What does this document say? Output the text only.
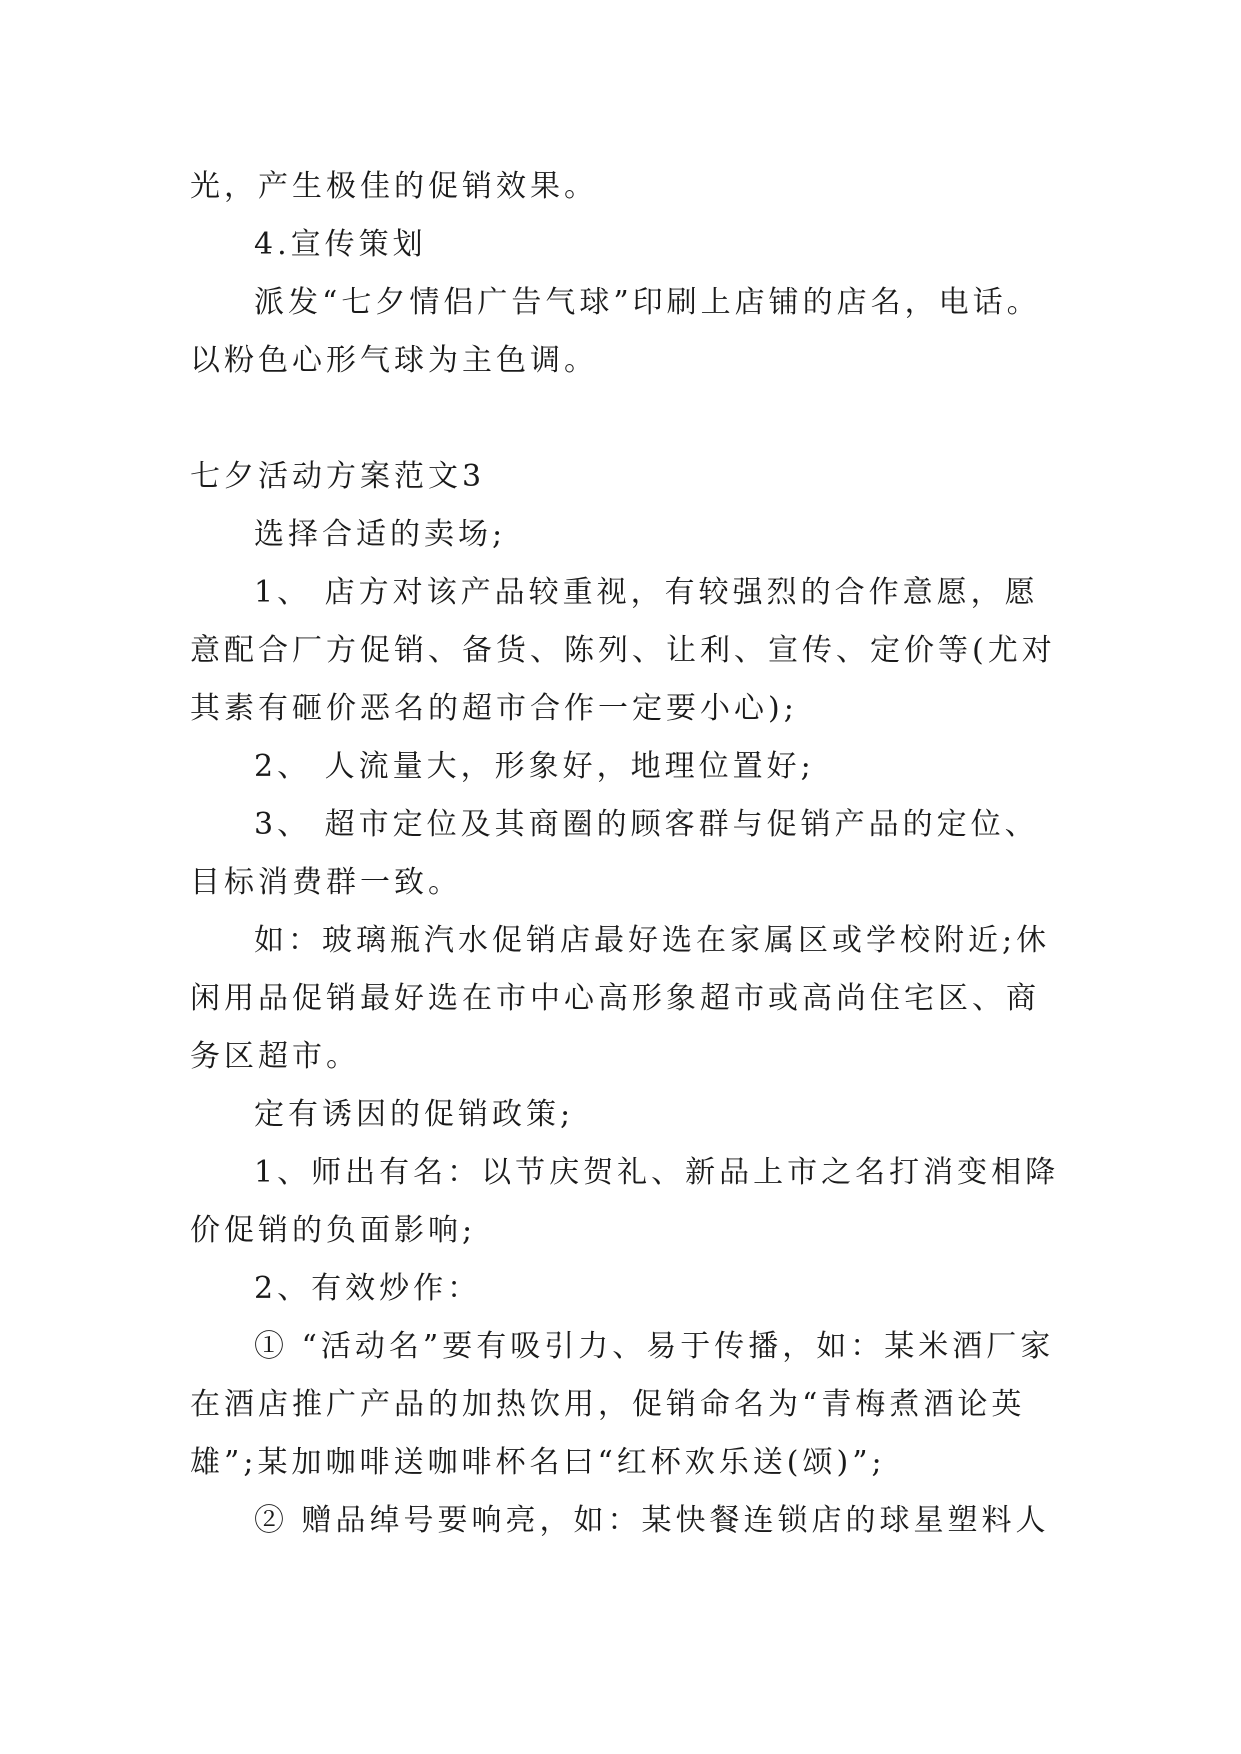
光，产生极佳的促销效果。

4.宣传策划

派发“七夕情侣广告气球”印刷上店铺的店名，电话。以粉色心形气球为主色调。

七夕活动方案范文3

选择合适的卖场;

1、 店方对该产品较重视，有较强烈的合作意愿，愿意配合厂方促销、备货、陈列、让利、宣传、定价等(尤对其素有砸价恶名的超市合作一定要小心);

2、 人流量大，形象好，地理位置好;

3、 超市定位及其商圈的顾客群与促销产品的定位、目标消费群一致。

如：玻璃瓶汽水促销店最好选在家属区或学校附近;休闲用品促销最好选在市中心高形象超市或高尚住宅区、商务区超市。

定有诱因的促销政策;

1、师出有名：以节庆贺礼、新品上市之名打消变相降价促销的负面影响;

2、有效炒作：

① “活动名”要有吸引力、易于传播，如：某米酒厂家在酒店推广产品的加热饮用，促销命名为“青梅煮酒论英雄”;某加咖啡送咖啡杯名曰“红杯欢乐送(颂)”;

② 赠品绰号要响亮，如：某快餐连锁店的球星塑料人
